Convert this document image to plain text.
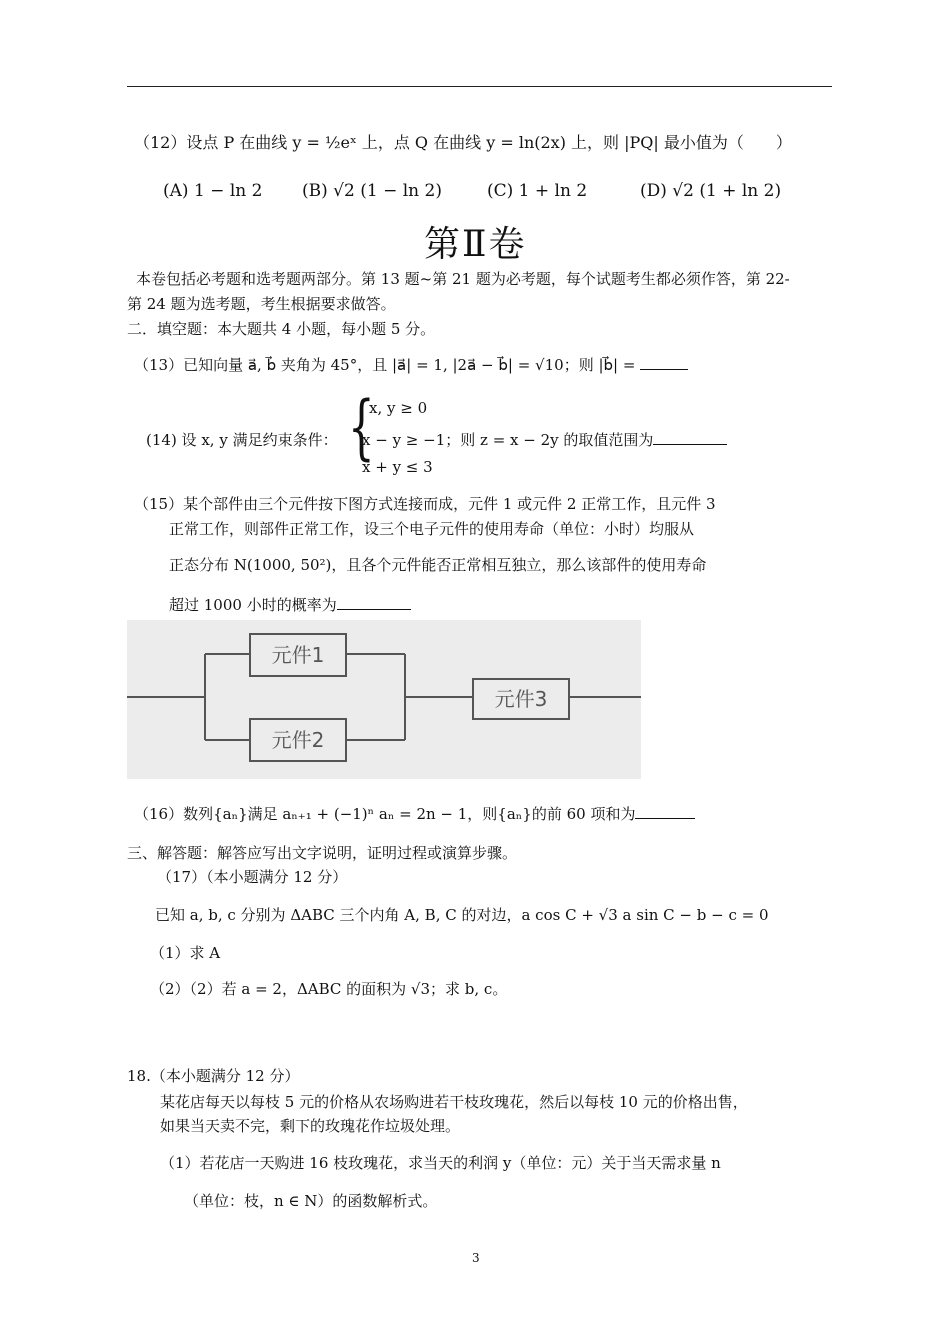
（12）设点 P 在曲线 y = ½eˣ 上，点 Q 在曲线 y = ln(2x) 上，则 |PQ| 最小值为（　　）
(A) 1 − ln 2 (B) √2 (1 − ln 2)	(C) 1 + ln 2	(D) √2 (1 + ln 2)
第Ⅱ卷
本卷包括必考题和选考题两部分。第 13 题~第 21 题为必考题，每个试题考生都必须作答，第 22-
第 24 题为选考题，考生根据要求做答。
二．填空题：本大题共 4 小题，每小题 5 分。
（13）已知向量 a⃗, b⃗ 夹角为 45°，且 |a⃗| = 1, |2a⃗ − b⃗| = √10；则 |b⃗| =
(14) 设 x, y 满足约束条件： {
x, y ≥ 0
x − y ≥ −1；则 z = x − 2y 的取值范围为
x + y ≤ 3
（15）某个部件由三个元件按下图方式连接而成，元件 1 或元件 2 正常工作，且元件 3
正常工作，则部件正常工作，设三个电子元件的使用寿命（单位：小时）均服从
正态分布 N(1000, 50²)，且各个元件能否正常相互独立，那么该部件的使用寿命
超过 1000 小时的概率为
元件1
元件2
元件3
（16）数列{aₙ}满足 aₙ₊₁ + (−1)ⁿ aₙ = 2n − 1，则{aₙ}的前 60 项和为
三、解答题：解答应写出文字说明，证明过程或演算步骤。
（17）（本小题满分 12 分）
已知 a, b, c 分别为 ΔABC 三个内角 A, B, C 的对边，a cos C + √3 a sin C − b − c = 0
（1）求 A
（2）（2）若 a = 2，ΔABC 的面积为 √3；求 b, c。
18.（本小题满分 12 分）
某花店每天以每枝 5 元的价格从农场购进若干枝玫瑰花，然后以每枝 10 元的价格出售，
如果当天卖不完，剩下的玫瑰花作垃圾处理。
（1）若花店一天购进 16 枝玫瑰花，求当天的利润 y（单位：元）关于当天需求量 n
（单位：枝，n ∈ N）的函数解析式。
3
